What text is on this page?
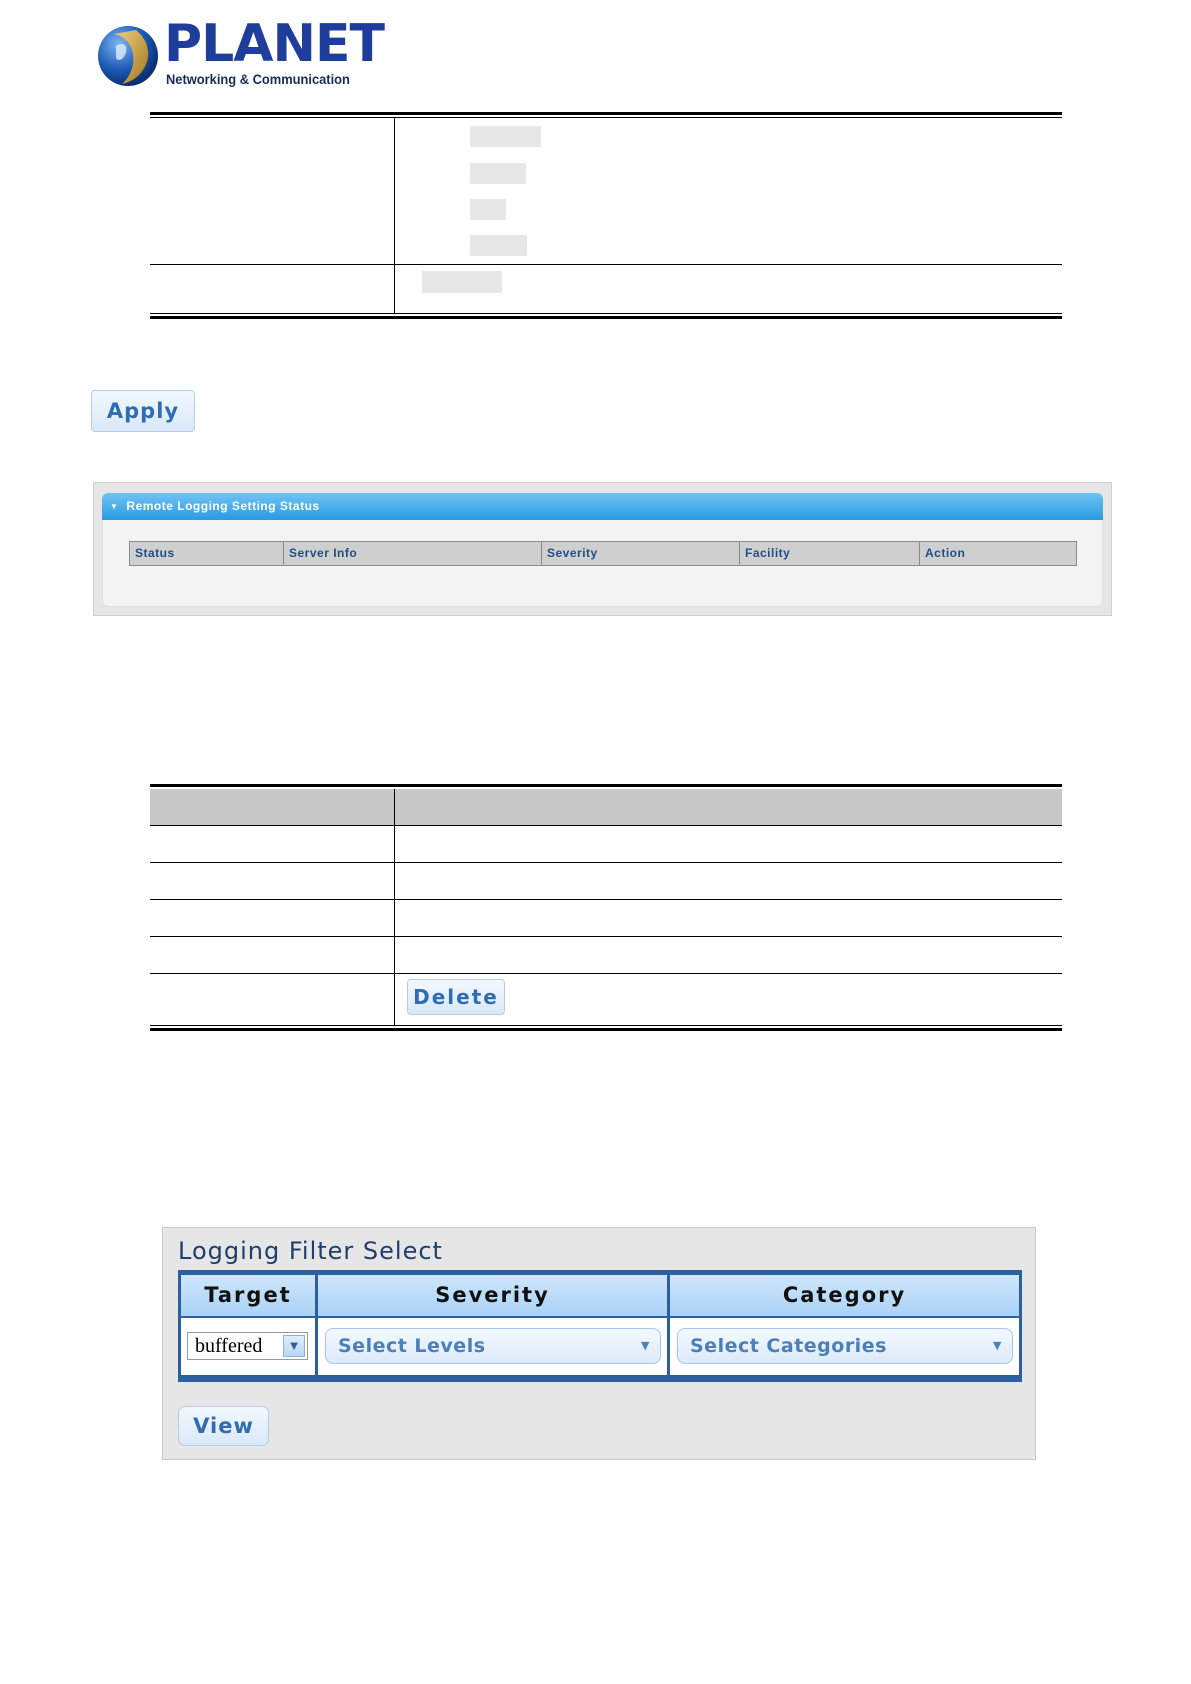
PLANET
Networking & Communication
Apply
▼ Remote Logging Setting Status
Status	Server Info	Severity	Facility	Action
Delete
Logging Filter Select
Target	Severity	Category
buffered	▼	Select Levels	▼	Select Categories	▼
View
